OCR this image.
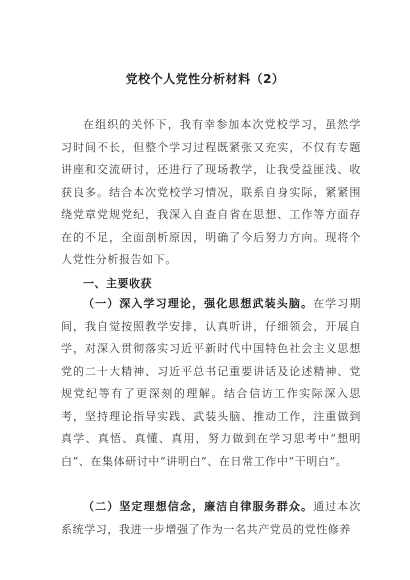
党校个人党性分析材料（2）

在组织的关怀下，我有幸参加本次党校学习，虽然学习时间不长，但整个学习过程既紧张又充实，不仅有专题讲座和交流研讨，还进行了现场教学，让我受益匪浅、收获良多。结合本次党校学习情况，联系自身实际，紧紧围绕党章党规党纪，我深入自查自省在思想、工作等方面存在的不足，全面剖析原因，明确了今后努力方向。现将个人党性分析报告如下。

一、主要收获

（一）深入学习理论，强化思想武装头脑。在学习期间，我自觉按照教学安排，认真听讲，仔细领会，开展自学，对深入贯彻落实习近平新时代中国特色社会主义思想党的二十大精神、习近平总书记重要讲话及论述精神、党规党纪等有了更深刻的理解。结合信访工作实际深入思考，坚持理论指导实践、武装头脑、推动工作，注重做到真学、真悟、真懂、真用，努力做到在学习思考中“想明白”、在集体研讨中“讲明白”、在日常工作中“干明白”。

（二）坚定理想信念，廉洁自律服务群众。通过本次系统学习，我进一步增强了作为一名共产党员的党性修养
